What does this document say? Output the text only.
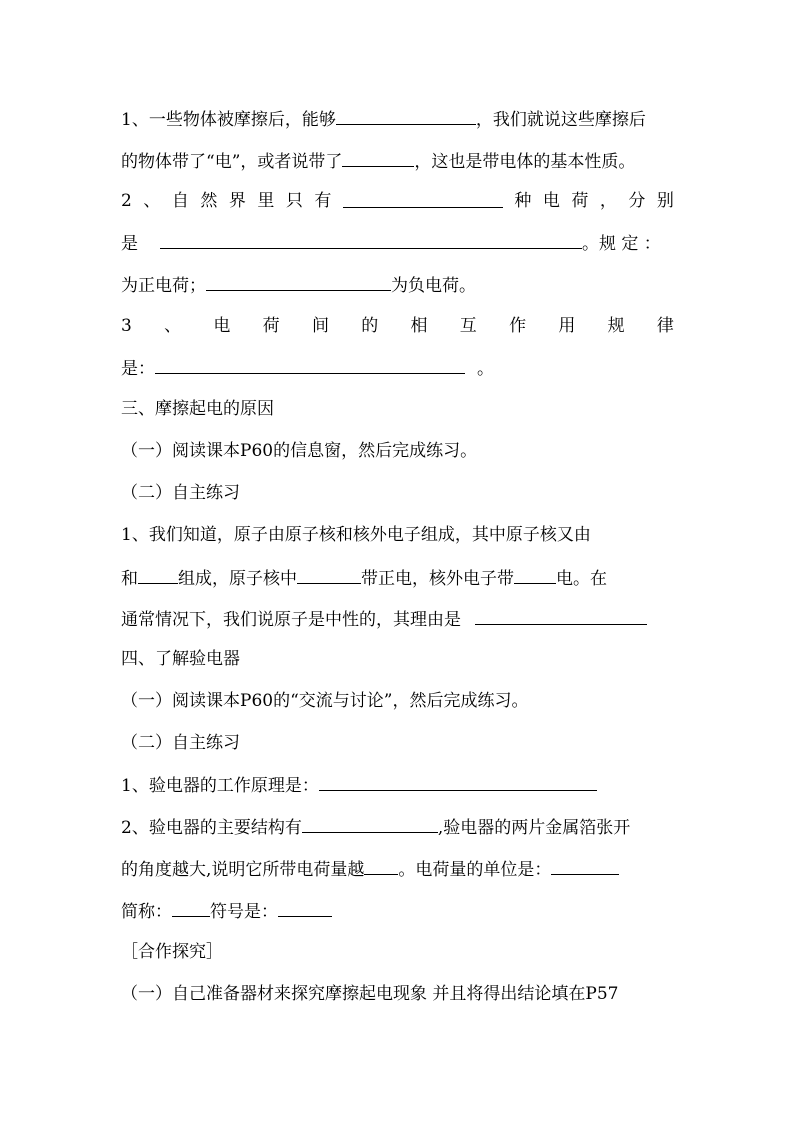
1、一些物体被摩擦后，能够	，我们就说这些摩擦后
的物体带了“电”，或者说带了	，这也是带电体的基本性质。
2 、 自 然 界 里 只 有	种 电 荷 ， 分 别
是	。规 定 ：
为正电荷；	为负电荷。
3 、 电 荷 间 的 相 互 作 用 规 律
是：	。
三、摩擦起电的原因
（一）阅读课本P60的信息窗，然后完成练习。
（二）自主练习
1、我们知道，原子由原子核和核外电子组成，其中原子核又由
和 组成，原子核中	带正电，核外电子带 电。在
通常情况下，我们说原子是中性的，其理由是
四、了解验电器
（一）阅读课本P60的“交流与讨论”，然后完成练习。
（二）自主练习
1、验电器的工作原理是：
2、验电器的主要结构有	,验电器的两片金属箔张开
的角度越大,说明它所带电荷量越 。电荷量的单位是：
简称： 符号是：
［合作探究］
（一）自己准备器材来探究摩擦起电现象 并且将得出结论填在P57
